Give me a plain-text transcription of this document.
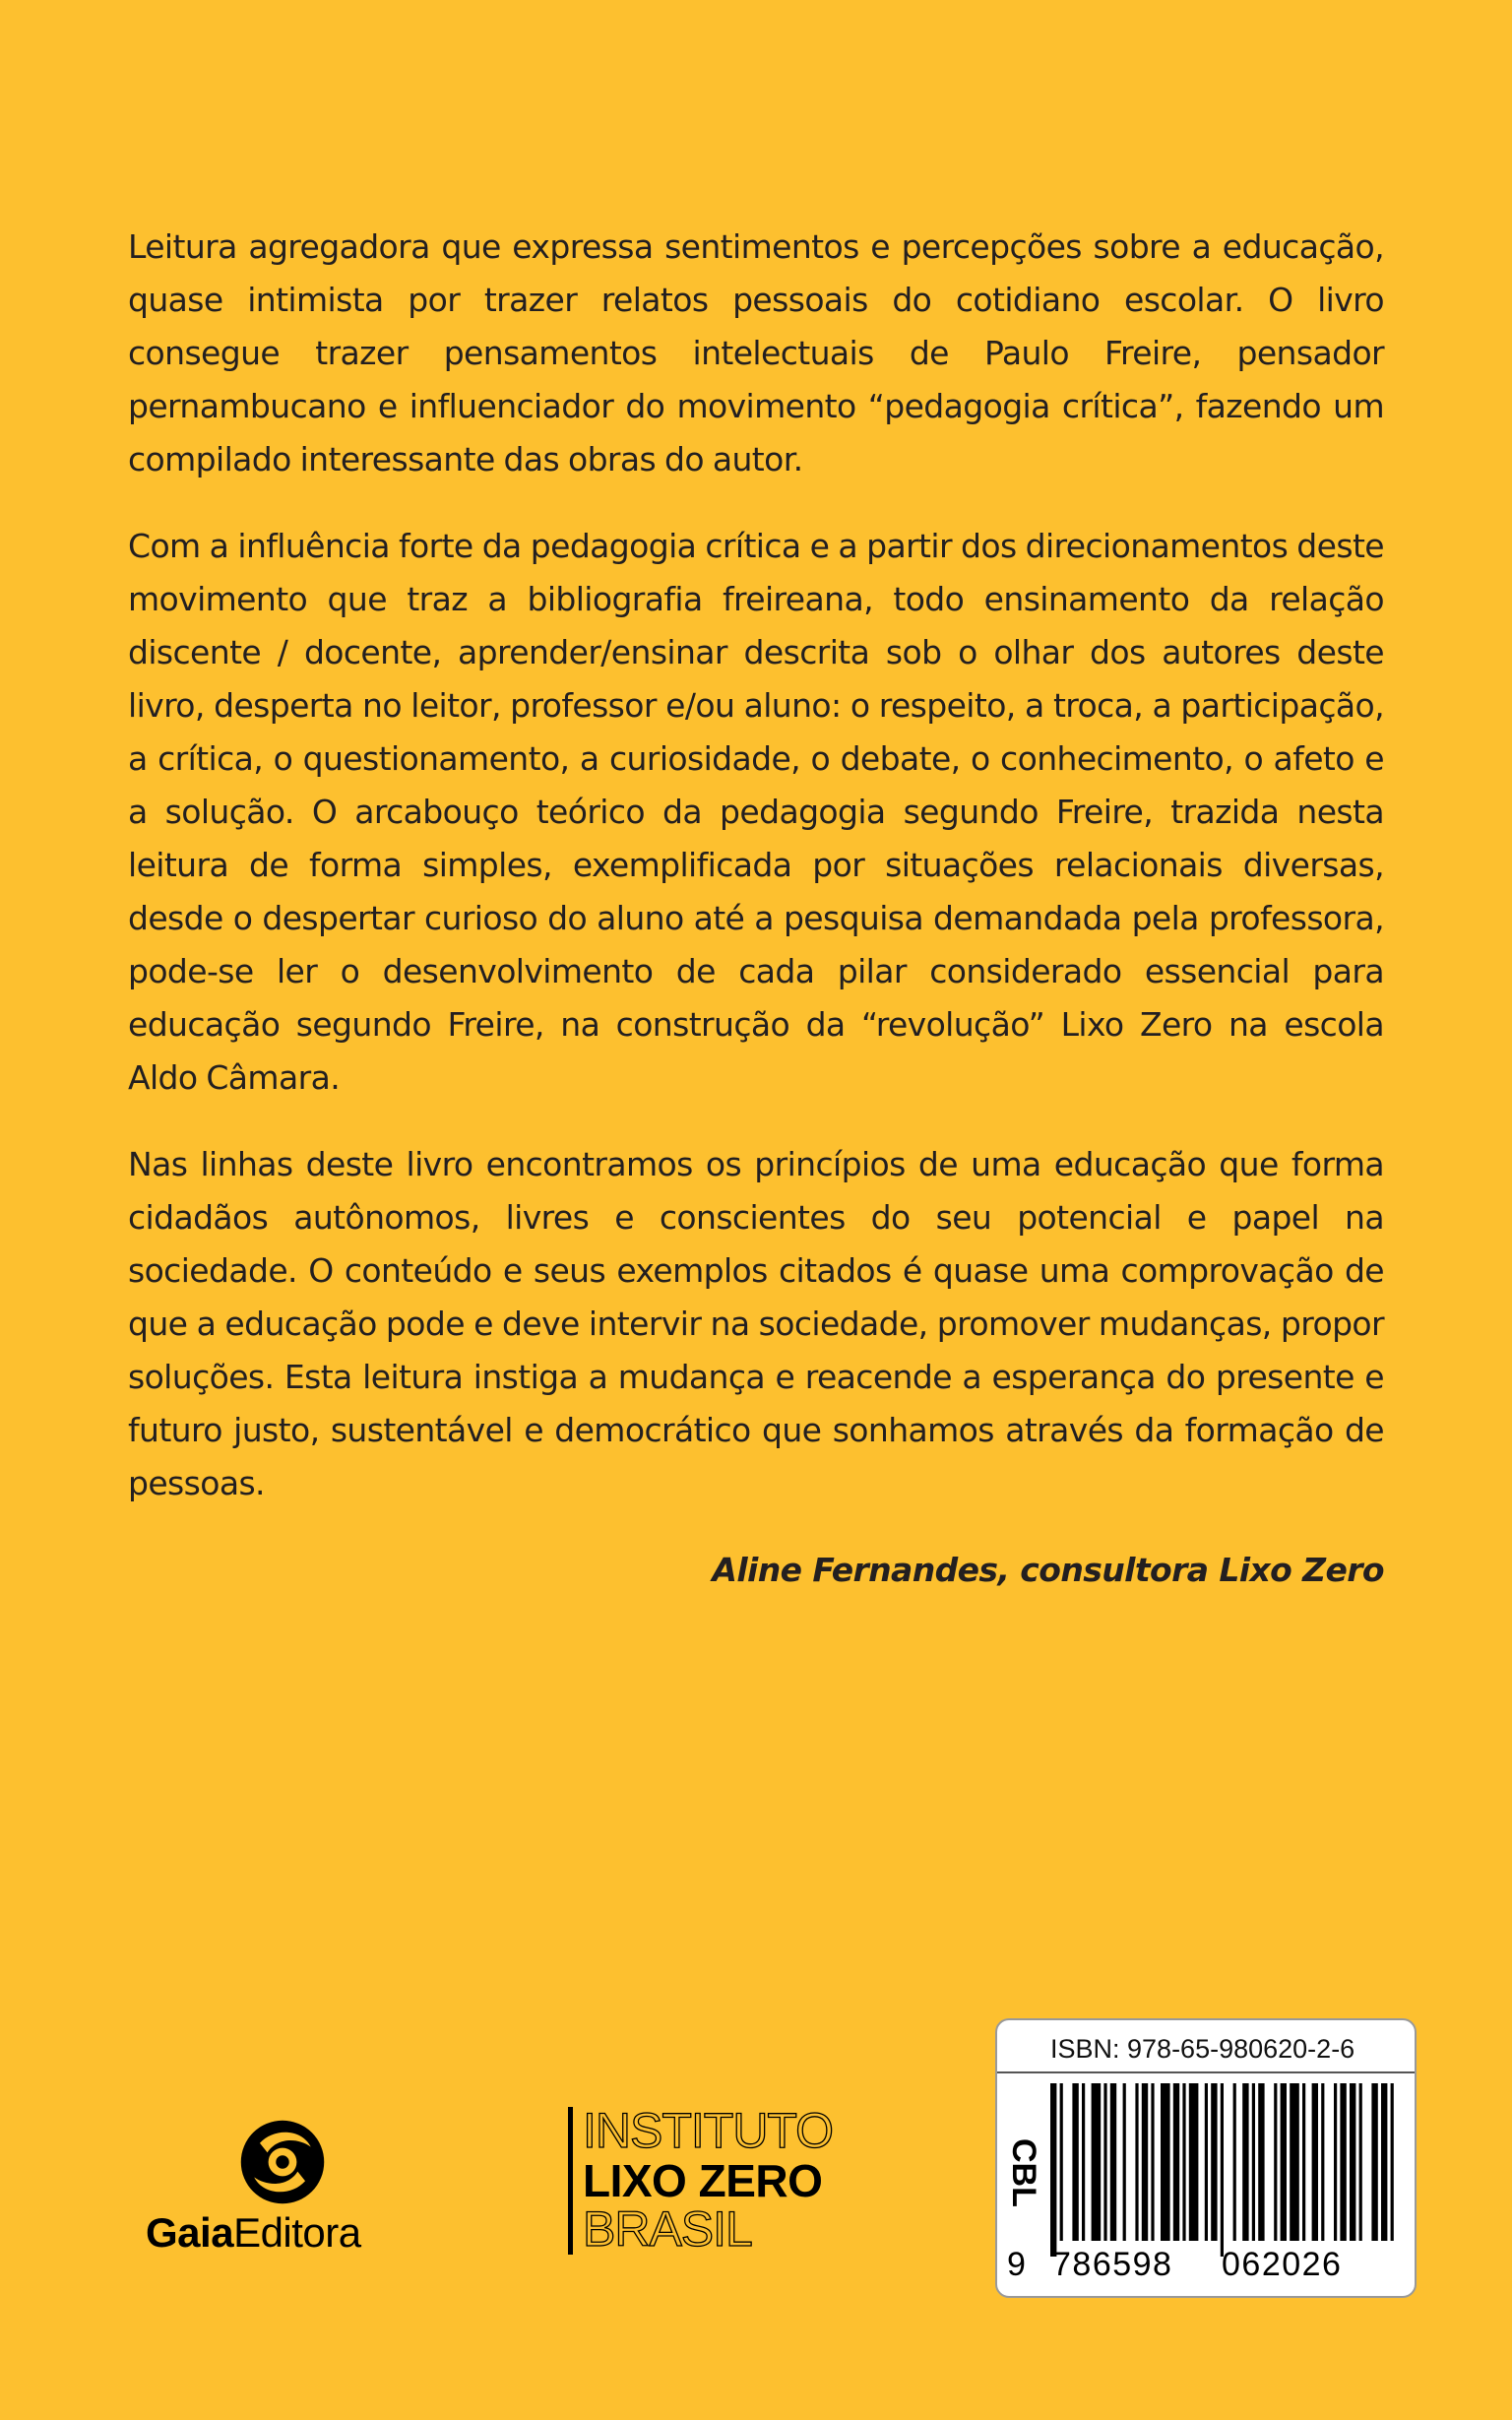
Leitura agregadora que expressa sentimentos e percepções sobre a educação, quase intimista por trazer relatos pessoais do cotidiano escolar. O livro consegue trazer pensamentos intelectuais de Paulo Freire, pensador pernambucano e influenciador do movimento “pedagogia crítica”, fazendo um compilado interessante das obras do autor.

Com a influência forte da pedagogia crítica e a partir dos direcionamentos deste movimento que traz a bibliografia freireana, todo ensinamento da relação discente / docente, aprender/ensinar descrita sob o olhar dos autores deste livro, desperta no leitor, professor e/ou aluno: o respeito, a troca, a participação, a crítica, o questionamento, a curiosidade, o debate, o conhecimento, o afeto e a solução. O arcabouço teórico da pedagogia segundo Freire, trazida nesta leitura de forma simples, exemplificada por situações relacionais diversas, desde o despertar curioso do aluno até a pesquisa demandada pela professora, pode-se ler o desenvolvimento de cada pilar considerado essencial para educação segundo Freire, na construção da “revolução” Lixo Zero na escola Aldo Câmara.

Nas linhas deste livro encontramos os princípios de uma educação que forma cidadãos autônomos, livres e conscientes do seu potencial e papel na sociedade. O conteúdo e seus exemplos citados é quase uma comprovação de que a educação pode e deve intervir na sociedade, promover mudanças, propor soluções. Esta leitura instiga a mudança e reacende a esperança do presente e futuro justo, sustentável e democrático que sonhamos através da formação de pessoas.

Aline Fernandes, consultora Lixo Zero

GaiaEditora
INSTITUTO
LIXO ZERO
BRASIL
ISBN: 978-65-980620-2-6
CBL
9 786598 062026
